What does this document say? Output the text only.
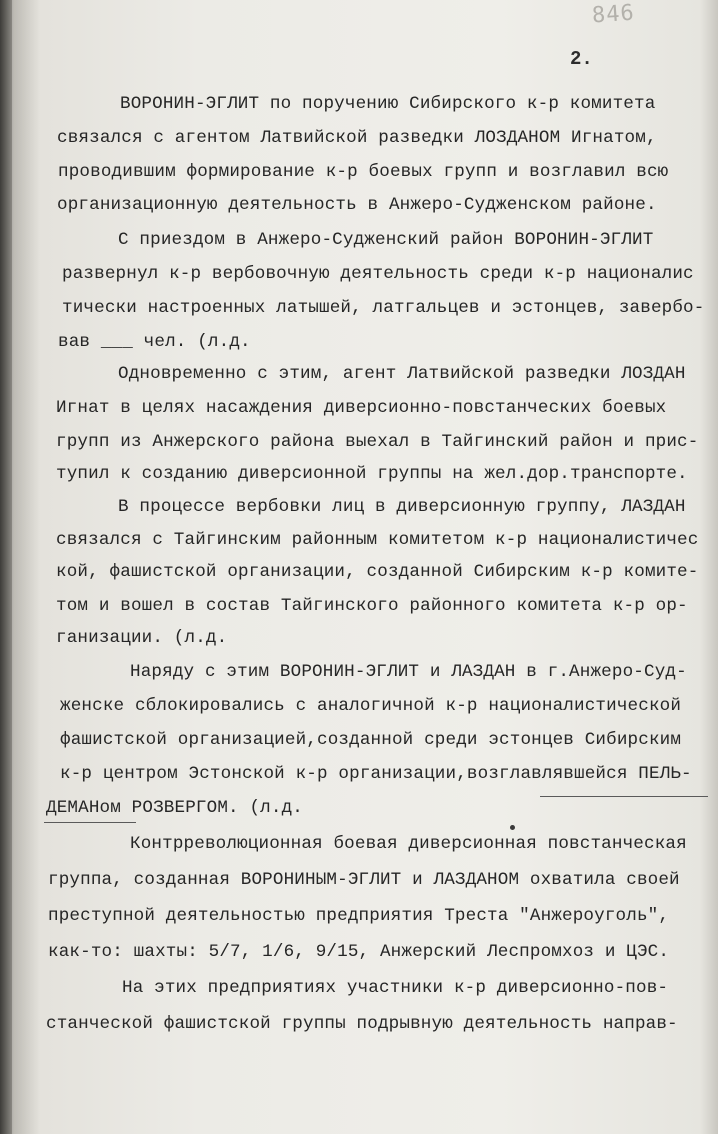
846
2.
ВОРОНИН-ЭГЛИТ по поручению Сибирского к-р комитета
связался с агентом Латвийской разведки ЛОЗДАНОМ Игнатом,
проводившим формирование к-р боевых групп и возглавил всю
организационную деятельность в Анжеро-Судженском районе.
С приездом в Анжеро-Судженский район ВОРОНИН-ЭГЛИТ
развернул к-р вербовочную деятельность среди к-р националис
тически настроенных латышей, латгальцев и эстонцев, завербо-
вав ___ чел. (л.д.
Одновременно с этим, агент Латвийской разведки ЛОЗДАН
Игнат в целях насаждения диверсионно-повстанческих боевых
групп из Анжерского района выехал в Тайгинский район и прис-
тупил к созданию диверсионной группы на жел.дор.транспорте.
В процессе вербовки лиц в диверсионную группу, ЛАЗДАН
связался с Тайгинским районным комитетом к-р националистичес
кой, фашистской организации, созданной Сибирским к-р комите-
том и вошел в состав Тайгинского районного комитета к-р ор-
ганизации. (л.д.
Наряду с этим ВОРОНИН-ЭГЛИТ и ЛАЗДАН в г.Анжеро-Суд-
женске сблокировались с аналогичной к-р националистической
фашистской организацией,созданной среди эстонцев Сибирским
к-р центром Эстонской к-р организации,возглавлявшейся ПЕЛЬ-
ДЕМАНом РОЗВЕРГОМ. (л.д.
Контрреволюционная боевая диверсионная повстанческая
группа, созданная ВОРОНИНЫМ-ЭГЛИТ и ЛАЗДАНОМ охватила своей
преступной деятельностью предприятия Треста "Анжероуголь",
как-то: шахты: 5/7, 1/6, 9/15, Анжерский Леспромхоз и ЦЭС.
На этих предприятиях участники к-р диверсионно-пов-
станческой фашистской группы подрывную деятельность направ-
